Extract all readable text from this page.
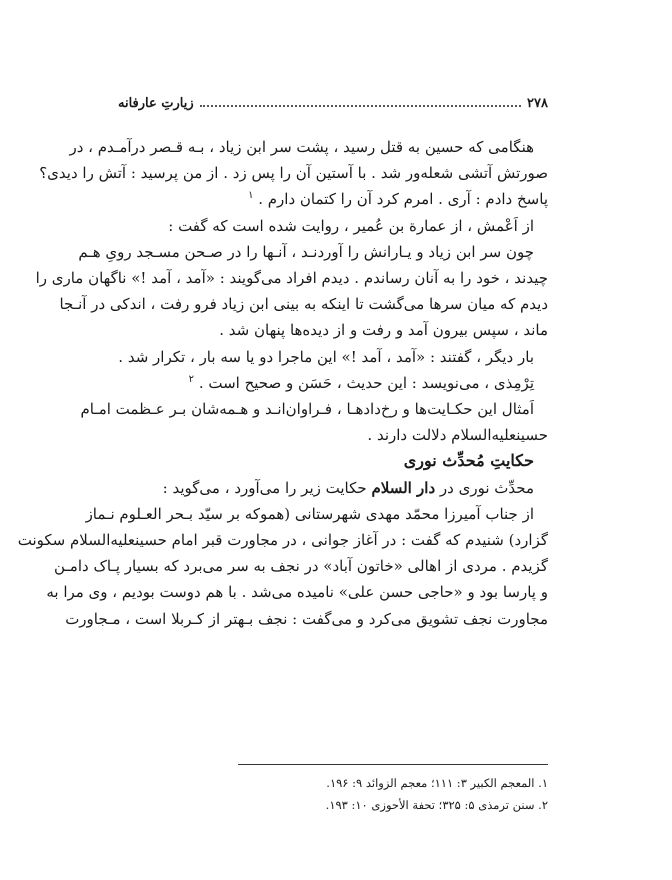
۲۷۸
زیارتِ عارفانه
هنگامی که حسین به قتل رسید ، پشت سر ابن زیاد ، بـه قـصر درآمـدم ، در
صورتش آتشی شعله‌ور شد . با آستین آن را پس زد . از من پرسید : آتش را دیدی؟
پاسخ دادم : آری . امرم کرد آن را کتمان دارم . $^۱$
از اَعْمش ، از عمارة بن عُمیر ، روایت شده است که گفت :
چون سر ابن زیاد و یـارانش را آوردنـد ، آنـها را در صـحن مسـجد رویِ هـم
چیدند ، خود را به آنان رساندم . دیدم افراد می‌گویند : «آمد ، آمد !» ناگهان ماری را
دیدم که میان سرها می‌گشت تا اینکه به بینی ابن زیاد فرو رفت ، اندکی در آنـجا
ماند ، سپس بیرون آمد و رفت و از دیده‌ها پنهان شد .
بار دیگر ، گفتند : «آمد ، آمد !» این ماجرا دو یا سه بار ، تکرار شد .
تِرْمِذی ، می‌نویسد : این حدیث ، حَسَن و صحیح است . $^۲$
اَمثال این حکـایت‌ها و رخ‌دادهـا ، فـراوان‌انـد و هـمه‌شان بـر عـظمت امـام
حسینعليه‌السلام دلالت دارند .
حکایتِ مُحدِّث نوری
محدِّث نوری در دار السلام حکایت زیر را می‌آورد ، می‌گوید :
از جناب آمیرزا محمّد مهدی شهرستانی (هموکه بر سیّد بـحر العـلوم نـماز
گزارد) شنیدم که گفت : در آغاز جوانی ، در مجاورت قبر امام حسینعليه‌السلام سکونت
گزیدم . مردی از اهالی «خاتون آباد» در نجف به سر می‌برد که بسیار پـاک دامـن
و پارسا بود و «حاجی حسن علی» نامیده می‌شد . با هم دوست بودیم ، وی مرا به
مجاورت نجف تشویق می‌کرد و می‌گفت : نجف بـهتر از کـربلا است ، مـجاورت
۱. المعجم الکبیر ۳: ۱۱۱؛ معجم الزوائد ۹: ۱۹۶.
۲. سنن ترمذی ۵: ۳۲۵؛ تحفة الأحوزی ۱۰: ۱۹۳.
